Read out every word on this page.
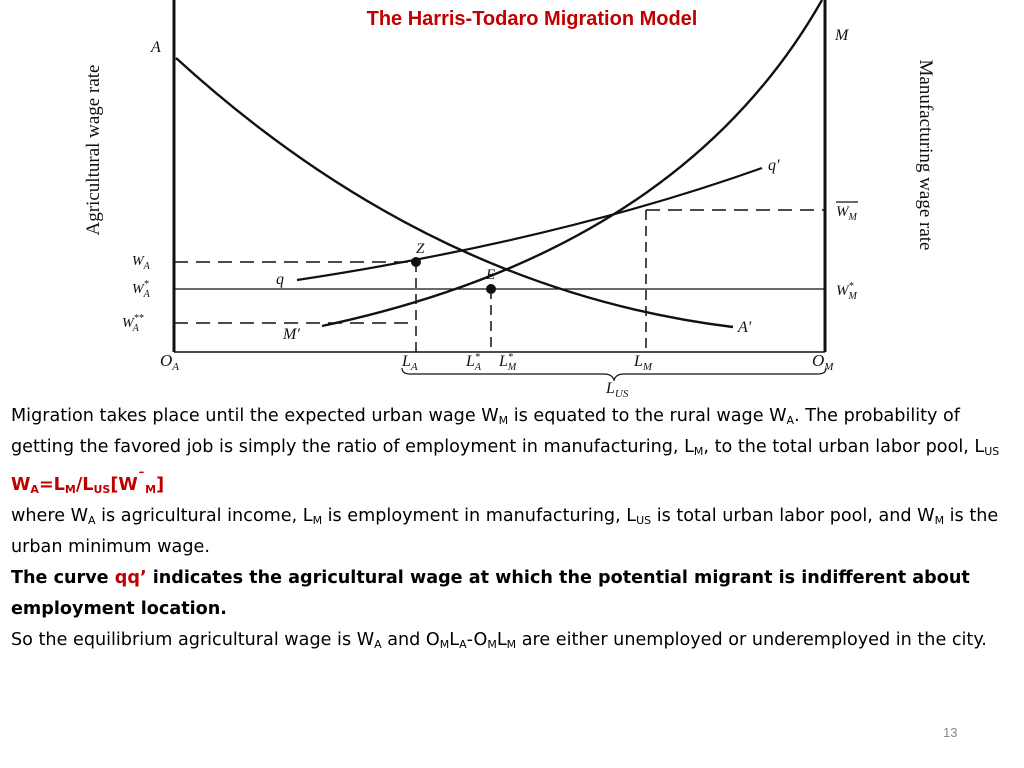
Agricultural wage rate	Manufacturing wage rate
A
A′
M
M′
q
q′
Z
E
$W_A$
W* A
W** A
$W_M$
W* M
$O_A$	$O_M$
$L_A$	L* A L* M	$L_M$
$L_{US}$
The Harris-Todaro Migration Model

Migration takes place until the expected urban wage $W_M$ is equated to the rural wage $W_A$. The probability of getting the favored job is simply the ratio of employment in manufacturing, $L_M$, to the total urban labor pool, $L_{US}$

$W_A=L_M/L_{US}[W^¯_M]$

where $W_A$ is agricultural income, $L_M$ is employment in manufacturing, $L_{US}$ is total urban labor pool, and $W_M$ is the urban minimum wage.

The curve qq’ indicates the agricultural wage at which the potential migrant is indifferent about employment location.

So the equilibrium agricultural wage is $W_A$ and $O_ML_A-O_ML_M$ are either unemployed or underemployed in the city.

13
